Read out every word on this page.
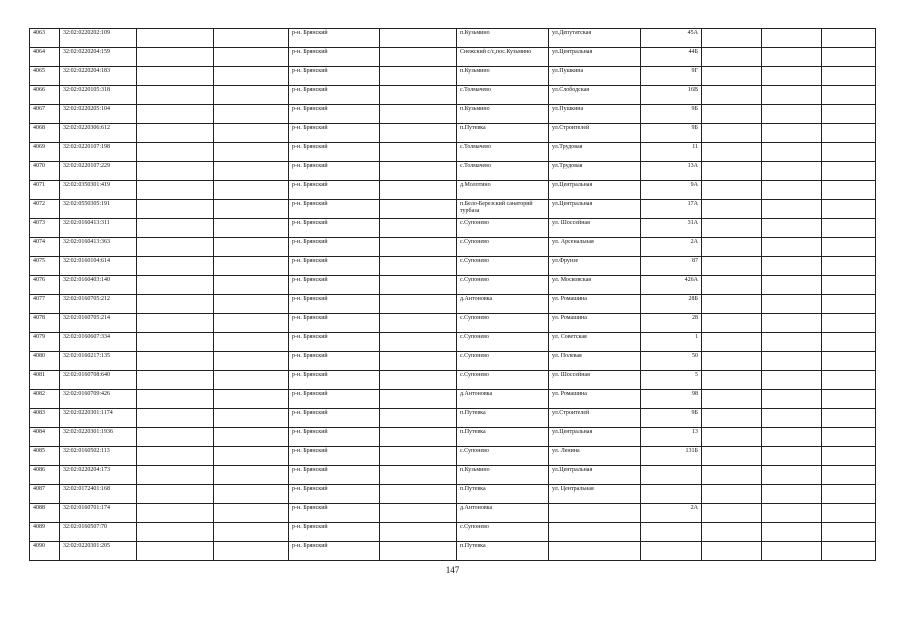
4063	32:02:0220202:109			р-н. Брянский		п.Кузьмино	ул.Депутатская	45А			
4064	32:02:0220204:159			р-н. Брянский		Снежский с/с,пос.Кузьмино	ул.Центральная	44Б			
4065	32:02:0220204:183			р-н. Брянский		п.Кузьмино	ул.Пушкина	9Г			
4066	32:02:0220105:318			р-н. Брянский		с.Толмачево	ул.Слободская	16В			
4067	32:02:0220205:104			р-н. Брянский		п.Кузьмино	ул.Пушкина	9Б			
4068	32:02:0220306:612			р-н. Брянский		п.Путевка	ул.Строителей	9Б			
4069	32:02:0220107:198			р-н. Брянский		с.Толмачево	ул.Трудовая	11			
4070	32:02:0220107:229			р-н. Брянский		с.Толмачево	ул.Трудовая	13А			
4071	32:02:0350301:419			р-н. Брянский		д.Молотино	ул.Центральная	9А			
4072	32:02:0550305:191			р-н. Брянский		п.Бело-Березский санаторий турбаза	ул.Центральная	17А			
4073	32:02:0160413:311			р-н. Брянский		с.Супонево	ул. Шоссейная	31А			
4074	32:02:0160413:363			р-н. Брянский		с.Супонево	ул. Арсенальная	2А			
4075	32:02:0160104:614			р-н. Брянский		с.Супонево	ул.Фрунзе	87			
4076	32:02:0160403:140			р-н. Брянский		с.Супонево	ул. Московская	426А			
4077	32:02:0160705:212			р-н. Брянский		д.Антоновка	ул. Ромашина	28Б			
4078	32:02:0160705:214			р-н. Брянский		с.Супонево	ул. Ромашина	28			
4079	32:02:0160607:334			р-н. Брянский		с.Супонево	ул. Советская	1			
4080	32:02:0160217:135			р-н. Брянский		с.Супонево	ул. Полевая	50			
4081	32:02:0160708:640			р-н. Брянский		с.Супонево	ул. Шоссейная	5			
4082	32:02:0160709:426			р-н. Брянский		д.Антоновка	ул. Ромашина	98			
4083	32:02:0220301:1174			р-н. Брянский		п.Путевка	ул.Строителей	9Б			
4084	32:02:0220301:1936			р-н. Брянский		п.Путевка	ул.Центральная	13			
4085	32:02:0160502:113			р-н. Брянский		с.Супонево	ул. Ленина	131Б			
4086	32:02:0220204:173			р-н. Брянский		п.Кузьмино	ул.Центральная				
4087	32:02:0172401:168			р-н. Брянский		п.Путевка	ул. Центральная				
4088	32:02:0160701:174			р-н. Брянский		д.Антоновка		2А			
4089	32:02:0160507:70			р-н. Брянский		с.Супонево					
4090	32:02:0220301:205			р-н. Брянский		п.Путевка					
147
